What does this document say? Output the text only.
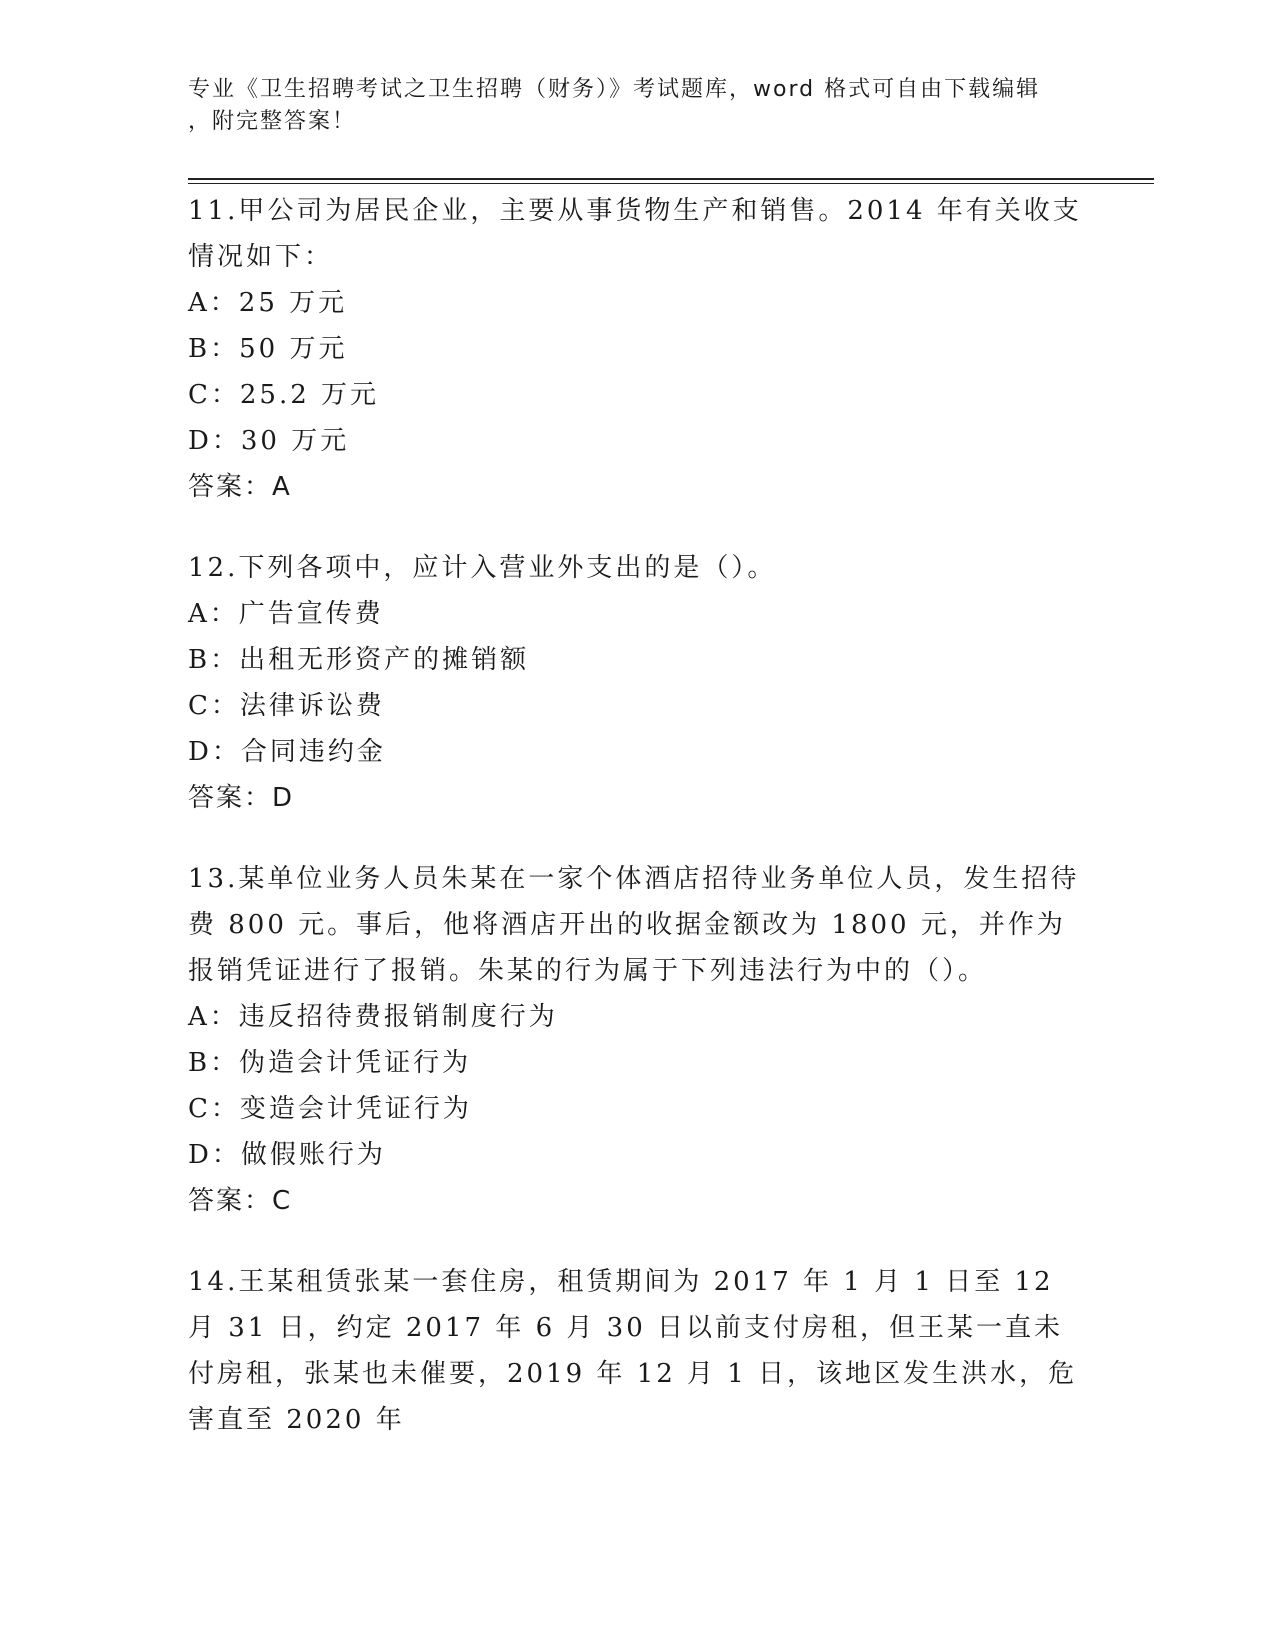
专业《卫生招聘考试之卫生招聘（财务）》考试题库，word 格式可自由下载编辑
，附完整答案！

11.甲公司为居民企业，主要从事货物生产和销售。2014 年有关收支情况如下：

A：25 万元

B：50 万元

C：25.2 万元

D：30 万元

答案：A

12.下列各项中，应计入营业外支出的是（）。

A：广告宣传费

B：出租无形资产的摊销额

C：法律诉讼费

D：合同违约金

答案：D

13.某单位业务人员朱某在一家个体酒店招待业务单位人员，发生招待费 800 元。事后，他将酒店开出的收据金额改为 1800 元，并作为报销凭证进行了报销。朱某的行为属于下列违法行为中的（）。

A：违反招待费报销制度行为

B：伪造会计凭证行为

C：变造会计凭证行为

D：做假账行为

答案：C

14.王某租赁张某一套住房，租赁期间为 2017 年 1 月 1 日至 12 月 31 日，约定 2017 年 6 月 30 日以前支付房租，但王某一直未付房租，张某也未催要，2019 年 12 月 1 日，该地区发生洪水，危害直至 2020 年
